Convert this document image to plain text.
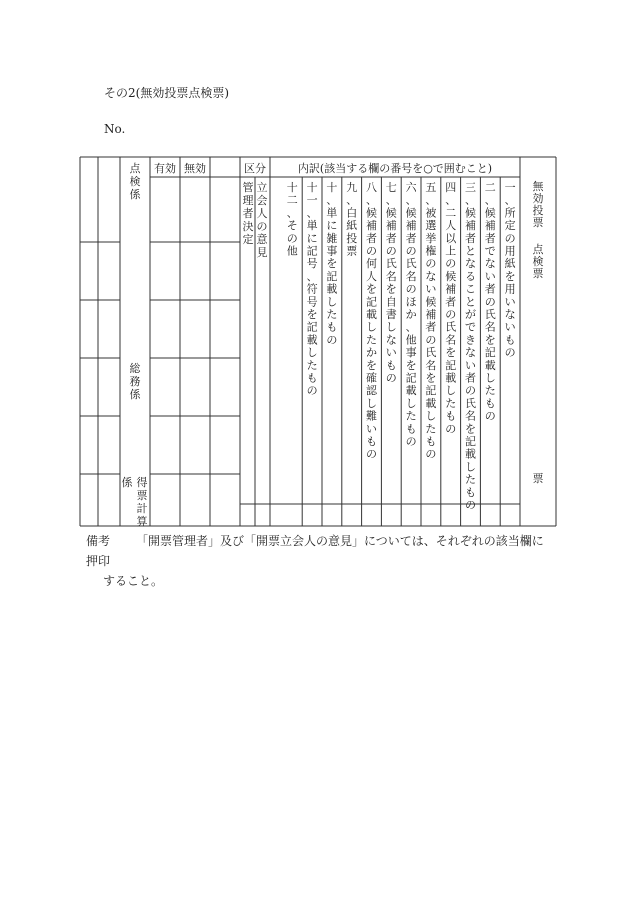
その2(無効投票点検票)
No.
有効 無効	区分	内訳(該当する欄の番号を○で囲むこと)
点検係
総務係
得票計算
係
管理者決定
立会人の意見
一、所定の用紙を用いないもの
二、候補者でない者の氏名を記載したもの
三、候補者となることができない者の氏名を記載したもの
四、二人以上の候補者の氏名を記載したもの
五、被選挙権のない候補者の氏名を記載したもの
六、候補者の氏名のほか、他事を記載したもの
七、候補者の氏名を自書しないもの
八、候補者の何人を記載したかを確認し難いもの
九、白紙投票
十、単に雑事を記載したもの
十一、単に記号、符号を記載したもの
十二、その他
無効投票
点検票
票
備考 「開票管理者」及び「開票立会人の意見」については、それぞれの該当欄に押印
すること。
